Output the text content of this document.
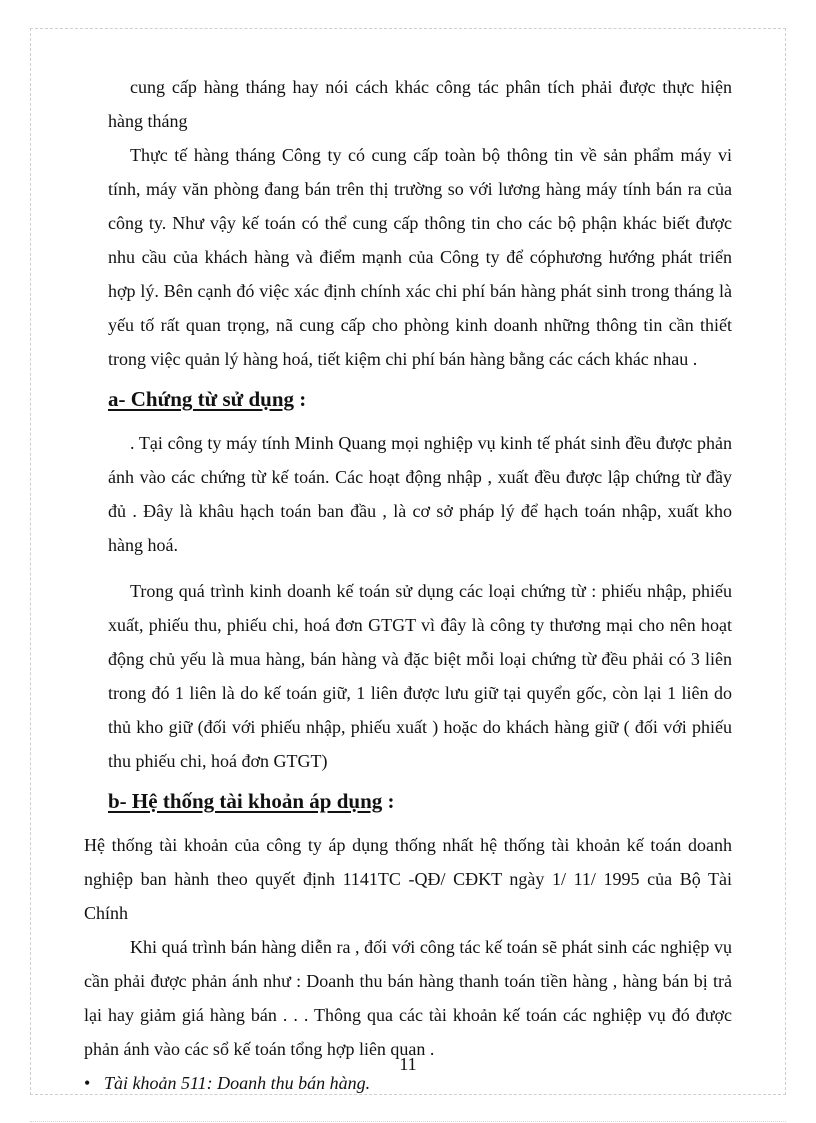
cung cấp hàng tháng hay nói cách khác công tác phân tích phải được thực hiện hàng tháng

Thực tế hàng tháng Công ty có cung cấp toàn bộ thông tin về sản phẩm máy vi tính, máy văn phòng đang bán trên thị trường so với lương hàng máy tính bán ra của công ty. Như vậy kế toán có thể cung cấp thông tin cho các bộ phận khác biết được nhu cầu của khách hàng và điểm mạnh của Công ty để cóphương hướng phát triển hợp lý. Bên cạnh đó việc xác định chính xác chi phí bán hàng phát sinh trong tháng là yếu tố rất quan trọng, nã cung cấp cho phòng kinh doanh những thông tin cần thiết trong việc quản lý hàng hoá, tiết kiệm chi phí bán hàng bằng các cách khác nhau .

a- Chứng từ sử dụng :

. Tại công ty máy tính Minh Quang mọi nghiệp vụ kinh tế phát sinh đều được phản ánh vào các chứng từ kế toán. Các hoạt động nhập , xuất đều được lập chứng từ đầy đủ . Đây là khâu hạch toán ban đầu , là cơ sở pháp lý để hạch toán nhập, xuất kho hàng hoá.

Trong quá trình kinh doanh kế toán sử dụng các loại chứng từ : phiếu nhập, phiếu xuất, phiếu thu, phiếu chi, hoá đơn GTGT vì đây là công ty thương mại cho nên hoạt động chủ yếu là mua hàng, bán hàng và đặc biệt mỗi loại chứng từ đều phải có 3 liên trong đó 1 liên là do kế toán giữ, 1 liên được lưu giữ tại quyển gốc, còn lại 1 liên do thủ kho giữ (đối với phiếu nhập, phiếu xuất ) hoặc do khách hàng giữ ( đối với phiếu thu phiếu chi, hoá đơn GTGT)

b- Hệ thống tài khoản áp dụng :

Hệ thống tài khoản của công ty áp dụng thống nhất hệ thống tài khoản kế toán doanh nghiệp ban hành theo quyết định 1141TC -QĐ/ CĐKT ngày 1/ 11/ 1995 của Bộ Tài Chính

Khi quá trình bán hàng diễn ra , đối với công tác kế toán sẽ phát sinh các nghiệp vụ cần phải được phản ánh như : Doanh thu bán hàng thanh toán tiền hàng , hàng bán bị trả lại hay giảm giá hàng bán . . . Thông qua các tài khoản kế toán các nghiệp vụ đó được phản ánh vào các sổ kế toán tổng hợp liên quan .

• Tài khoản 511: Doanh thu bán hàng.
11
